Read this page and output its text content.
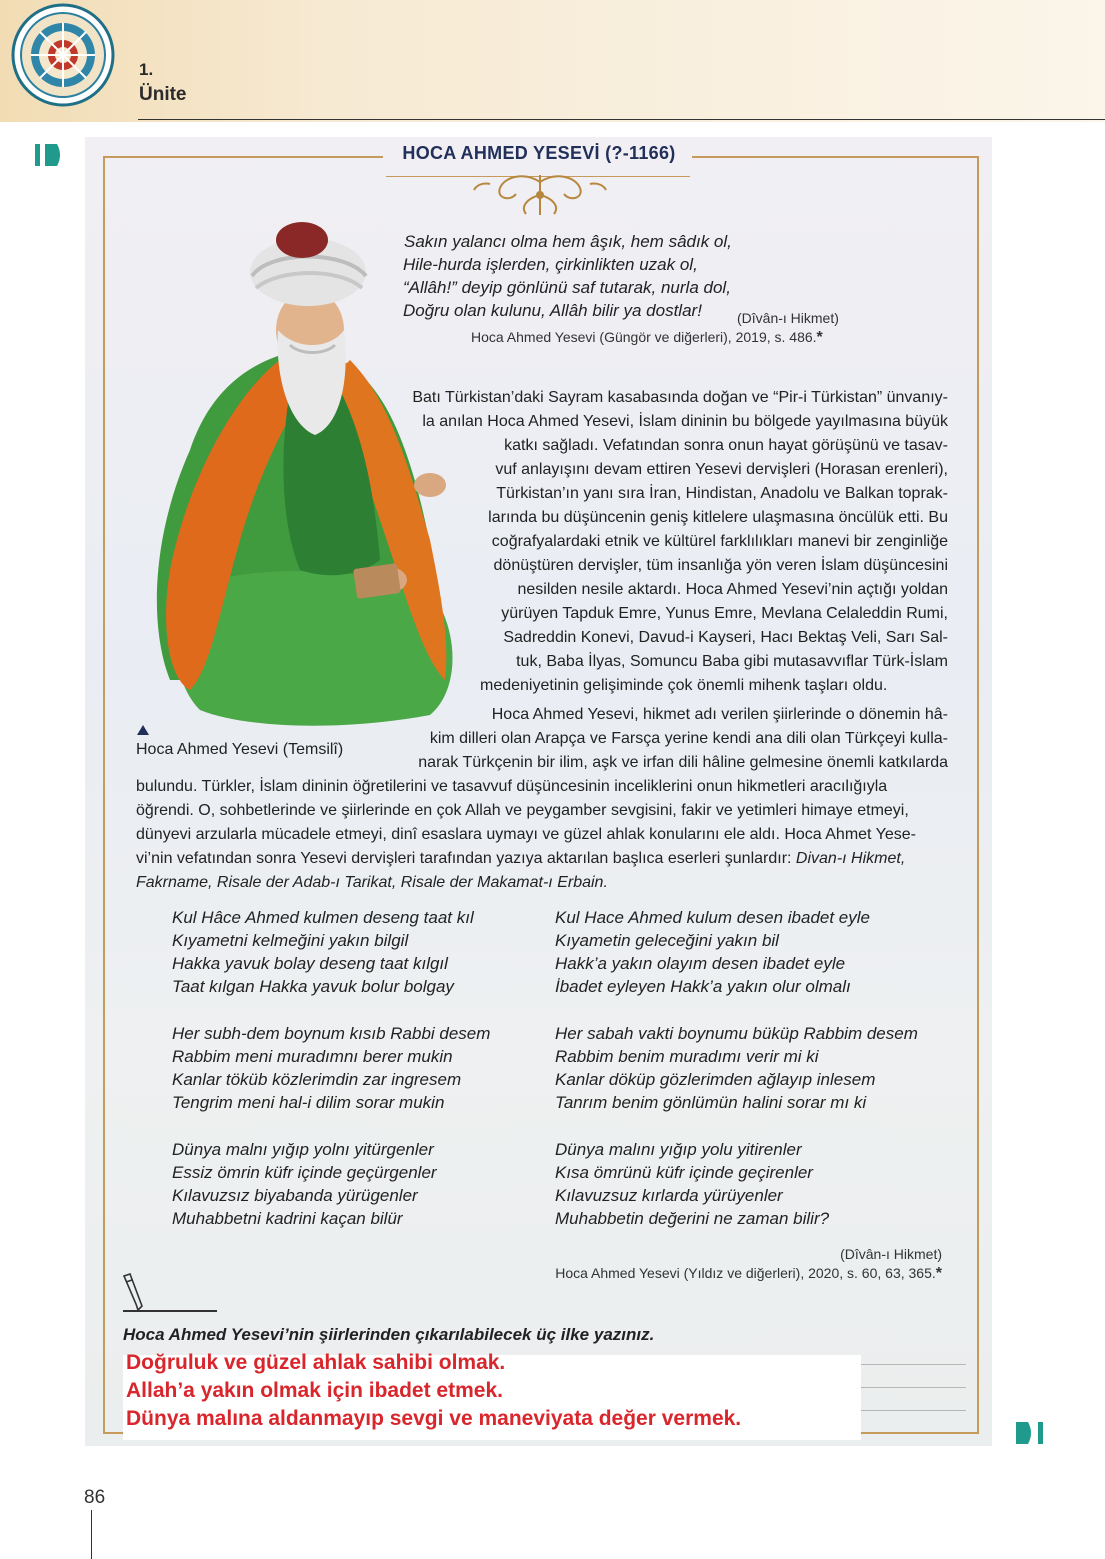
1.
Ünite
HOCA AHMED YESEVİ (?-1166)
Hoca Ahmed Yesevi (Temsilî)
Sakın yalancı olma hem âşık, hem sâdık ol,
Hile-hurda işlerden, çirkinlikten uzak ol,
“Allâh!” deyip gönlünü saf tutarak, nurla dol,
Doğru olan kulunu, Allâh bilir ya dostlar!	(Dîvân-ı Hikmet)
Hoca Ahmed Yesevi (Güngör ve diğerleri), 2019, s. 486.*
Batı Türkistan’daki Sayram kasabasında doğan ve “Pir-i Türkistan” ünvanıy-
la anılan Hoca Ahmed Yesevi, İslam dininin bu bölgede yayılmasına büyük
katkı sağladı. Vefatından sonra onun hayat görüşünü ve tasav-
vuf anlayışını devam ettiren Yesevi dervişleri (Horasan erenleri),
Türkistan’ın yanı sıra İran, Hindistan, Anadolu ve Balkan toprak-
larında bu düşüncenin geniş kitlelere ulaşmasına öncülük etti. Bu
coğrafyalardaki etnik ve kültürel farklılıkları manevi bir zenginliğe
dönüştüren dervişler, tüm insanlığa yön veren İslam düşüncesini
nesilden nesile aktardı. Hoca Ahmed Yesevi’nin açtığı yoldan
yürüyen Tapduk Emre, Yunus Emre, Mevlana Celaleddin Rumi,
Sadreddin Konevi, Davud-i Kayseri, Hacı Bektaş Veli, Sarı Sal-
tuk, Baba İlyas, Somuncu Baba gibi mutasavvıflar Türk-İslam
medeniyetinin gelişiminde çok önemli mihenk taşları oldu.
Hoca Ahmed Yesevi, hikmet adı verilen şiirlerinde o dönemin hâ-
kim dilleri olan Arapça ve Farsça yerine kendi ana dili olan Türkçeyi kulla-
narak Türkçenin bir ilim, aşk ve irfan dili hâline gelmesine önemli katkılarda
bulundu. Türkler, İslam dininin öğretilerini ve tasavvuf düşüncesinin inceliklerini onun hikmetleri aracılığıyla
öğrendi. O, sohbetlerinde ve şiirlerinde en çok Allah ve peygamber sevgisini, fakir ve yetimleri himaye etmeyi,
dünyevi arzularla mücadele etmeyi, dinî esaslara uymayı ve güzel ahlak konularını ele aldı. Hoca Ahmet Yese-
vi’nin vefatından sonra Yesevi dervişleri tarafından yazıya aktarılan başlıca eserleri şunlardır: Divan-ı Hikmet,
Fakrname, Risale der Adab-ı Tarikat, Risale der Makamat-ı Erbain.
Kul Hâce Ahmed kulmen deseng taat kıl
Kıyametni kelmeğini yakın bilgil
Hakka yavuk bolay deseng taat kılgıl
Taat kılgan Hakka yavuk bolur bolgay
Her subh-dem boynum kısıb Rabbi desem
Rabbim meni muradımnı berer mukin
Kanlar töküb közlerimdin zar ingresem
Tengrim meni hal-i dilim sorar mukin
Dünya malnı yığıp yolnı yitürgenler
Essiz ömrin küfr içinde geçürgenler
Kılavuzsız biyabanda yürügenler
Muhabbetni kadrini kaçan bilür
Kul Hace Ahmed kulum desen ibadet eyle
Kıyametin geleceğini yakın bil
Hakk’a yakın olayım desen ibadet eyle
İbadet eyleyen Hakk’a yakın olur olmalı
Her sabah vakti boynumu büküp Rabbim desem
Rabbim benim muradımı verir mi ki
Kanlar döküp gözlerimden ağlayıp inlesem
Tanrım benim gönlümün halini sorar mı ki
Dünya malını yığıp yolu yitirenler
Kısa ömrünü küfr içinde geçirenler
Kılavuzsuz kırlarda yürüyenler
Muhabbetin değerini ne zaman bilir?
(Dîvân-ı Hikmet)
Hoca Ahmed Yesevi (Yıldız ve diğerleri), 2020, s. 60, 63, 365.*
Hoca Ahmed Yesevi’nin şiirlerinden çıkarılabilecek üç ilke yazınız.
Doğruluk ve güzel ahlak sahibi olmak.
Allah’a yakın olmak için ibadet etmek.
Dünya malına aldanmayıp sevgi ve maneviyata değer vermek.
86
